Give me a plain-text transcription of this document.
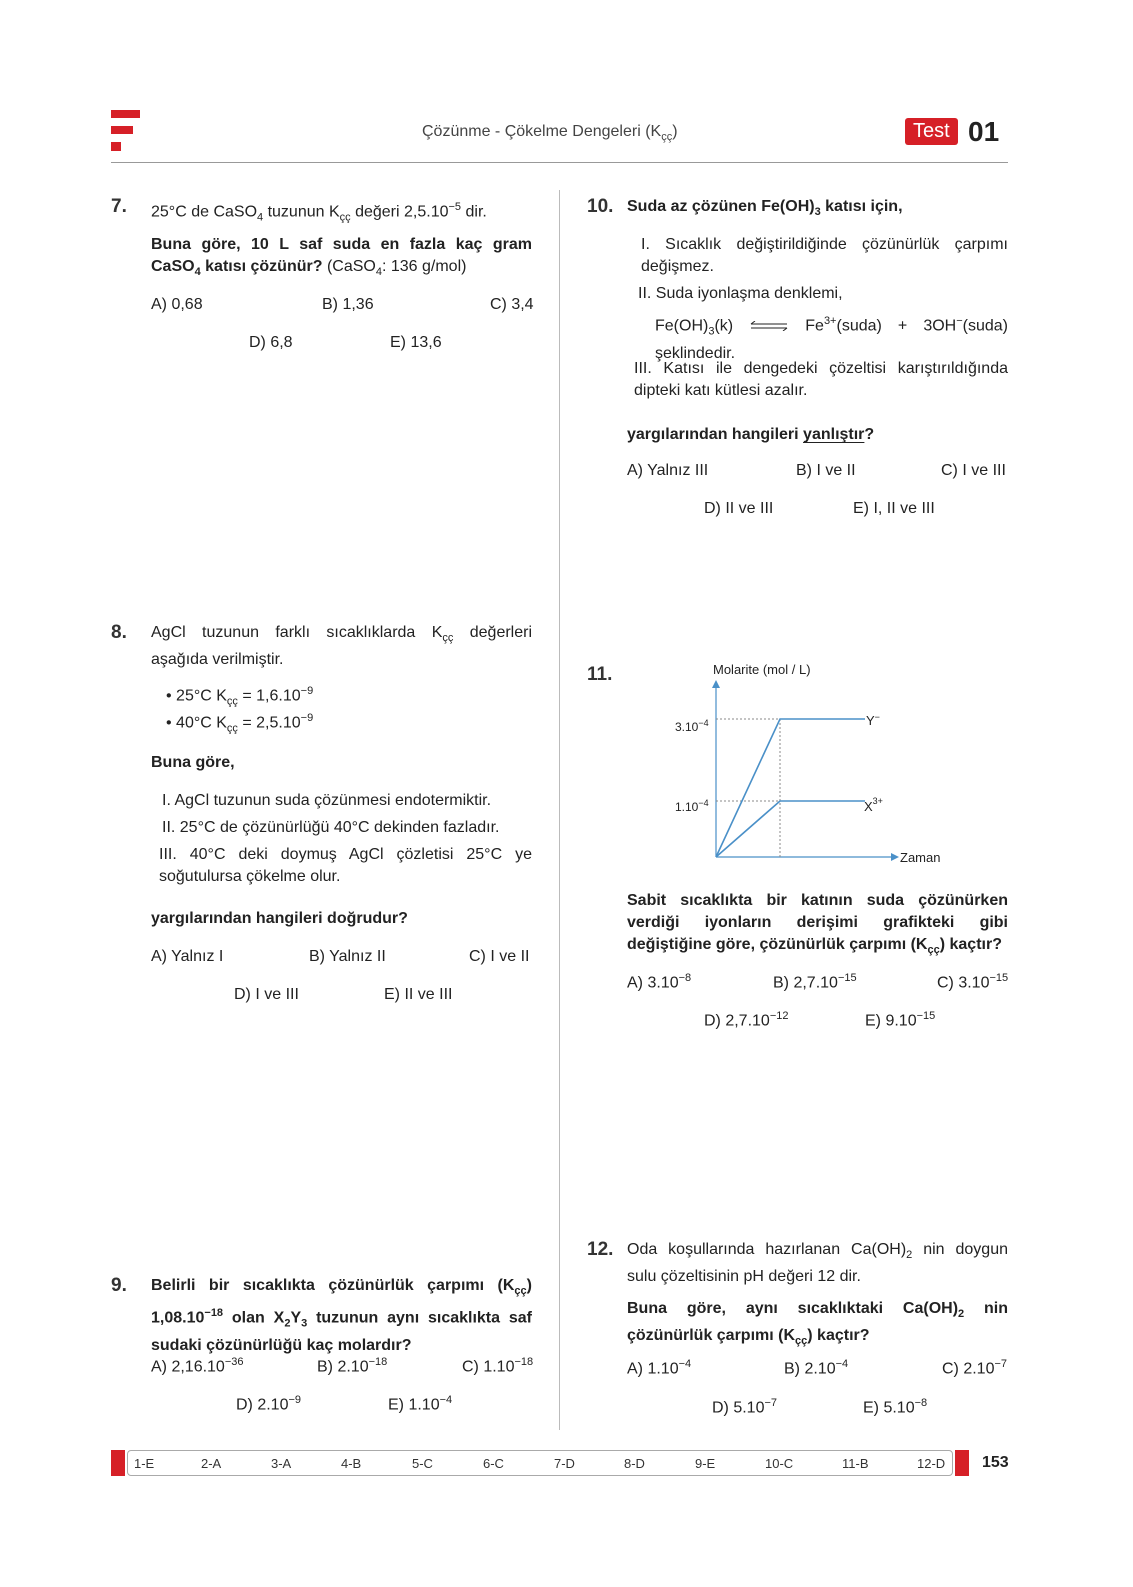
Çözünme - Çökelme Dengeleri $(K_{çç})$	Test 01
7. 25°C de CaSO$_4$ tuzunun $K_{çç}$ değeri $2,5.10^{-5}$ dir.
Buna göre, 10 L saf suda en fazla kaç gram CaSO$_4$ katısı çözünür? (CaSO$_4$: 136 g/mol)
A) 0,68	B) 1,36	C) 3,4
D) 6,8	E) 13,6
8. AgCl tuzunun farklı sıcaklıklarda $K_{çç}$ değerleri aşağıda verilmiştir.
• 25°C $K_{çç} = 1,6.10^{-9}$
• 40°C $K_{çç} = 2,5.10^{-9}$
Buna göre,
I. AgCl tuzunun suda çözünmesi endotermiktir.
II. 25°C de çözünürlüğü 40°C dekinden fazladır.
III. 40°C deki doymuş AgCl çözletisi 25°C ye soğutulursa çökelme olur.
yargılarından hangileri doğrudur?
A) Yalnız I	B) Yalnız II	C) I ve II
D) I ve III	E) II ve III
9. Belirli bir sıcaklıkta çözünürlük çarpımı $(K_{çç})$ $1,08.10^{-18}$ olan $X_2Y_3$ tuzunun aynı sıcaklıkta saf sudaki çözünürlüğü kaç molardır?
A) $2,16.10^{-36}$	B) $2.10^{-18}$	C) $1.10^{-18}$
D) $2.10^{-9}$	E) $1.10^{-4}$
10. Suda az çözünen $Fe(OH)_3$ katısı için,
I. Sıcaklık değiştirildiğinde çözünürlük çarpımı değişmez.
II. Suda iyonlaşma denklemi,
$Fe(OH)_3(k)$ ⇌ $Fe^{3+}(suda)$ + 3OH−(suda) şeklindedir.
III. Katısı ile dengedeki çözeltisi karıştırıldığında dipteki katı kütlesi azalır.
yargılarından hangileri yanlıştır?
A) Yalnız III	B) I ve II	C) I ve III
D) II ve III	E) I, II ve III
11.	Molarite (mol / L)
Zaman
$3.10^{-4}$
$1.10^{-4}$
Y−
$X^{3+}$
Sabit sıcaklıkta bir katının suda çözünürken verdiği iyonların derişimi grafikteki gibi değiştiğine göre, çözünürlük çarpımı $(K_{çç})$ kaçtır?
A) $3.10^{-8}$	B) $2,7.10^{-15}$	C) $3.10^{-15}$
D) $2,7.10^{-12}$	E) $9.10^{-15}$
12. Oda koşullarında hazırlanan $Ca(OH)_2$ nin doygun sulu çözeltisinin pH değeri 12 dir.
Buna göre, aynı sıcaklıktaki $Ca(OH)_2$ nin çözünürlük çarpımı $(K_{çç})$ kaçtır?
A) $1.10^{-4}$	B) $2.10^{-4}$	C) $2.10^{-7}$
D) $5.10^{-7}$	E) $5.10^{-8}$
1-E	2-A	3-A	4-B	5-C	6-C	7-D	8-D	9-E	10-C	11-B	12-D 153
